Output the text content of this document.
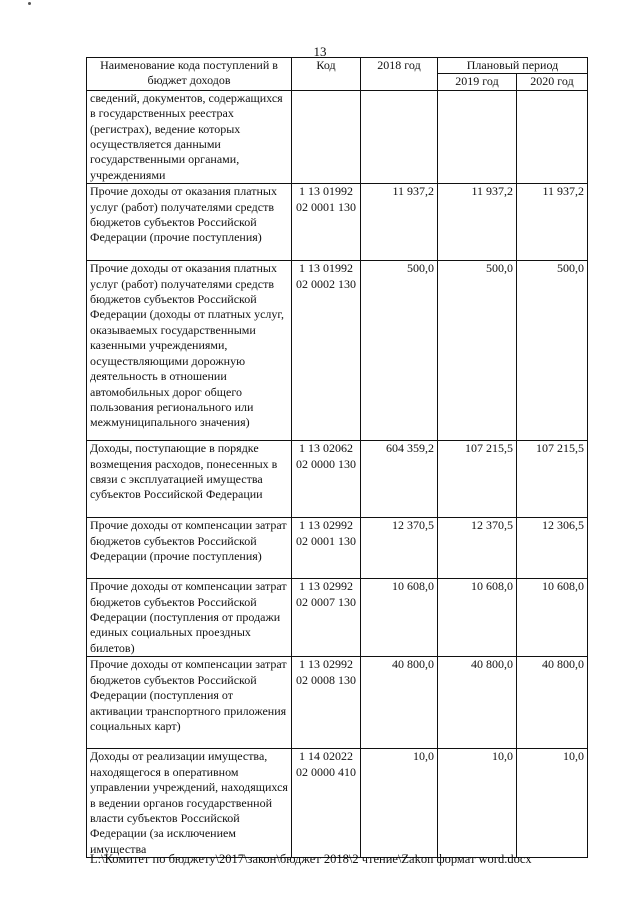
13
Наименование кода поступлений в бюджет доходов	Код	2018 год	Плановый период	
			2019 год	2020 год
сведений, документов, содержащихся в государственных реестрах (регистрах), ведение которых осуществляется данными государственными органами, учреждениями				
Прочие доходы от оказания платных услуг (работ) получателями средств бюджетов субъектов Российской Федерации (прочие поступления)	1 13 01992 02 0001 130	11 937,2	11 937,2	11 937,2
Прочие доходы от оказания платных услуг (работ) получателями средств бюджетов субъектов Российской Федерации (доходы от платных услуг, оказываемых государственными казенными учреждениями, осуществляющими дорожную деятельность в отношении автомобильных дорог общего пользования регионального или межмуниципального значения)	1 13 01992 02 0002 130	500,0	500,0	500,0
Доходы, поступающие в порядке возмещения расходов, понесенных в связи с эксплуатацией имущества субъектов Российской Федерации	1 13 02062 02 0000 130	604 359,2	107 215,5	107 215,5
Прочие доходы от компенсации затрат бюджетов субъектов Российской Федерации (прочие поступления)	1 13 02992 02 0001 130	12 370,5	12 370,5	12 306,5
Прочие доходы от компенсации затрат бюджетов субъектов Российской Федерации (поступления от продажи единых социальных проездных билетов)	1 13 02992 02 0007 130	10 608,0	10 608,0	10 608,0
Прочие доходы от компенсации затрат бюджетов субъектов Российской Федерации (поступления от активации транспортного приложения социальных карт)	1 13 02992 02 0008 130	40 800,0	40 800,0	40 800,0
Доходы от реализации имущества, находящегося в оперативном управлении учреждений, находящихся в ведении органов государственной власти субъектов Российской Федерации (за исключением имущества	1 14 02022 02 0000 410	10,0	10,0	10,0
L:\Комитет по бюджету\2017\закон\бюджет 2018\2 чтение\Zakon формат word.docx
